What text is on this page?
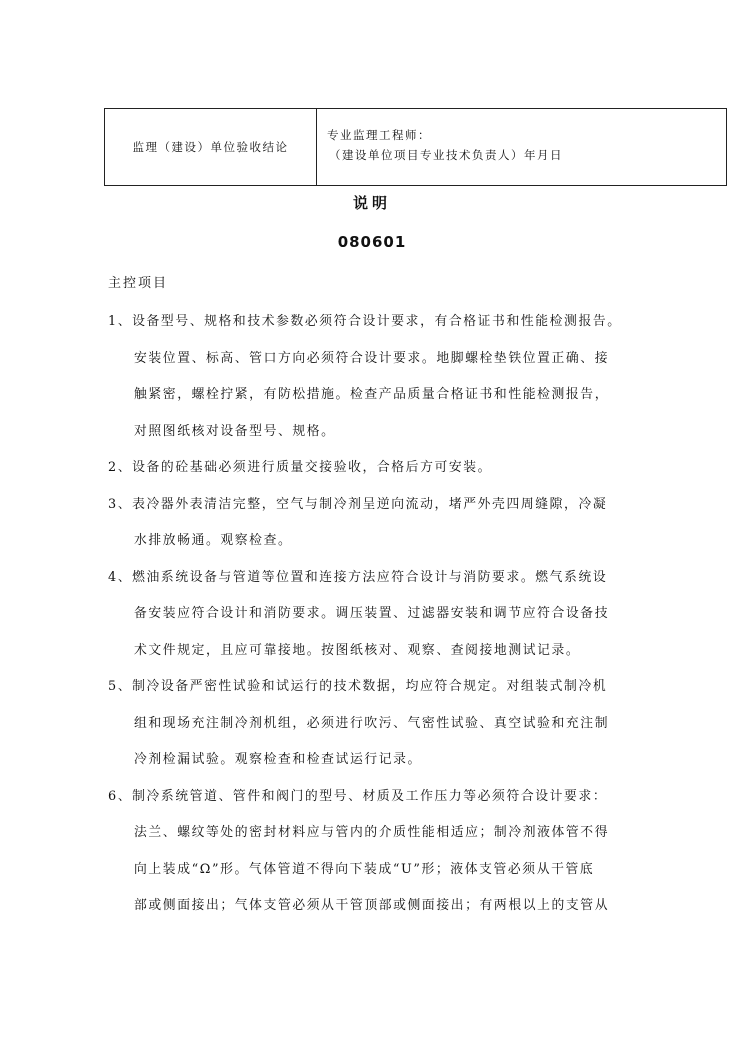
监理（建设）单位验收结论
专业监理工程师：
（建设单位项目专业技术负责人）年月日
说明
080601
主控项目
1、设备型号、规格和技术参数必须符合设计要求，有合格证书和性能检测报告。
安装位置、标高、管口方向必须符合设计要求。地脚螺栓垫铁位置正确、接
触紧密，螺栓拧紧，有防松措施。检查产品质量合格证书和性能检测报告，
对照图纸核对设备型号、规格。
2、设备的砼基础必须进行质量交接验收，合格后方可安装。
3、表冷器外表清洁完整，空气与制冷剂呈逆向流动，堵严外壳四周缝隙，冷凝
水排放畅通。观察检查。
4、燃油系统设备与管道等位置和连接方法应符合设计与消防要求。燃气系统设
备安装应符合设计和消防要求。调压装置、过滤器安装和调节应符合设备技
术文件规定，且应可靠接地。按图纸核对、观察、查阅接地测试记录。
5、制冷设备严密性试验和试运行的技术数据，均应符合规定。对组装式制冷机
组和现场充注制冷剂机组，必须进行吹污、气密性试验、真空试验和充注制
冷剂检漏试验。观察检查和检查试运行记录。
6、制冷系统管道、管件和阀门的型号、材质及工作压力等必须符合设计要求：
法兰、螺纹等处的密封材料应与管内的介质性能相适应；制冷剂液体管不得
向上装成“Ω”形。气体管道不得向下装成“U”形；液体支管必须从干管底
部或侧面接出；气体支管必须从干管顶部或侧面接出；有两根以上的支管从
